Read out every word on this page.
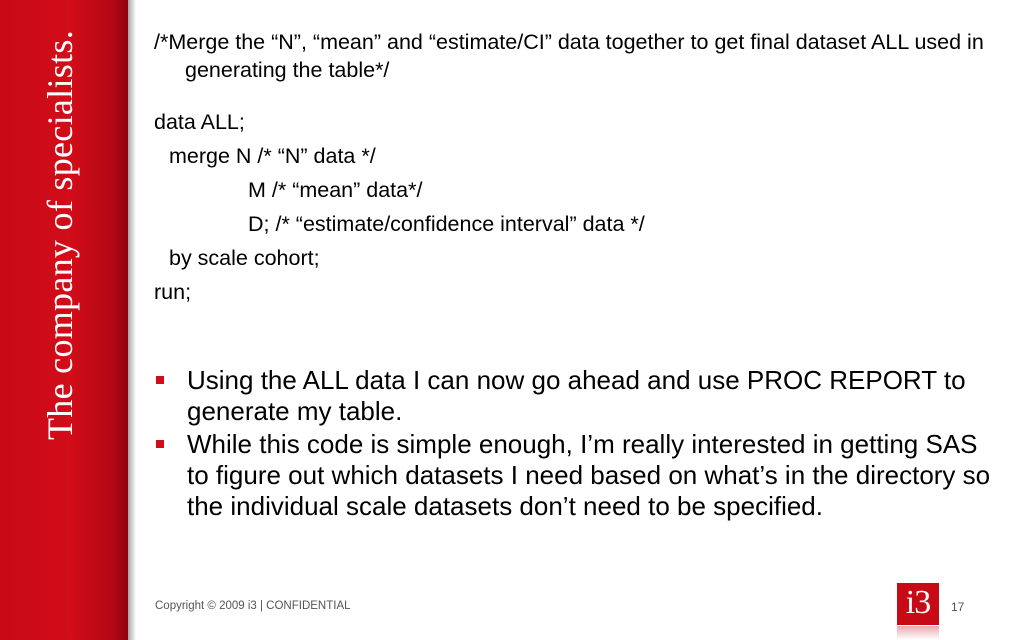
The company of specialists.	/*Merge the “N”, “mean” and “estimate/CI” data together to get final dataset ALL used in generating the table*/
data ALL;
merge N /* “N” data */
M /* “mean” data*/
D; /* “estimate/confidence interval” data */
by scale cohort;
run;
Using the ALL data I can now go ahead and use PROC REPORT to generate my table.
While this code is simple enough, I’m really interested in getting SAS to figure out which datasets I need based on what’s in the directory so the individual scale datasets don’t need to be specified.
Copyright © 2009 i3 | CONFIDENTIAL	i3	17
